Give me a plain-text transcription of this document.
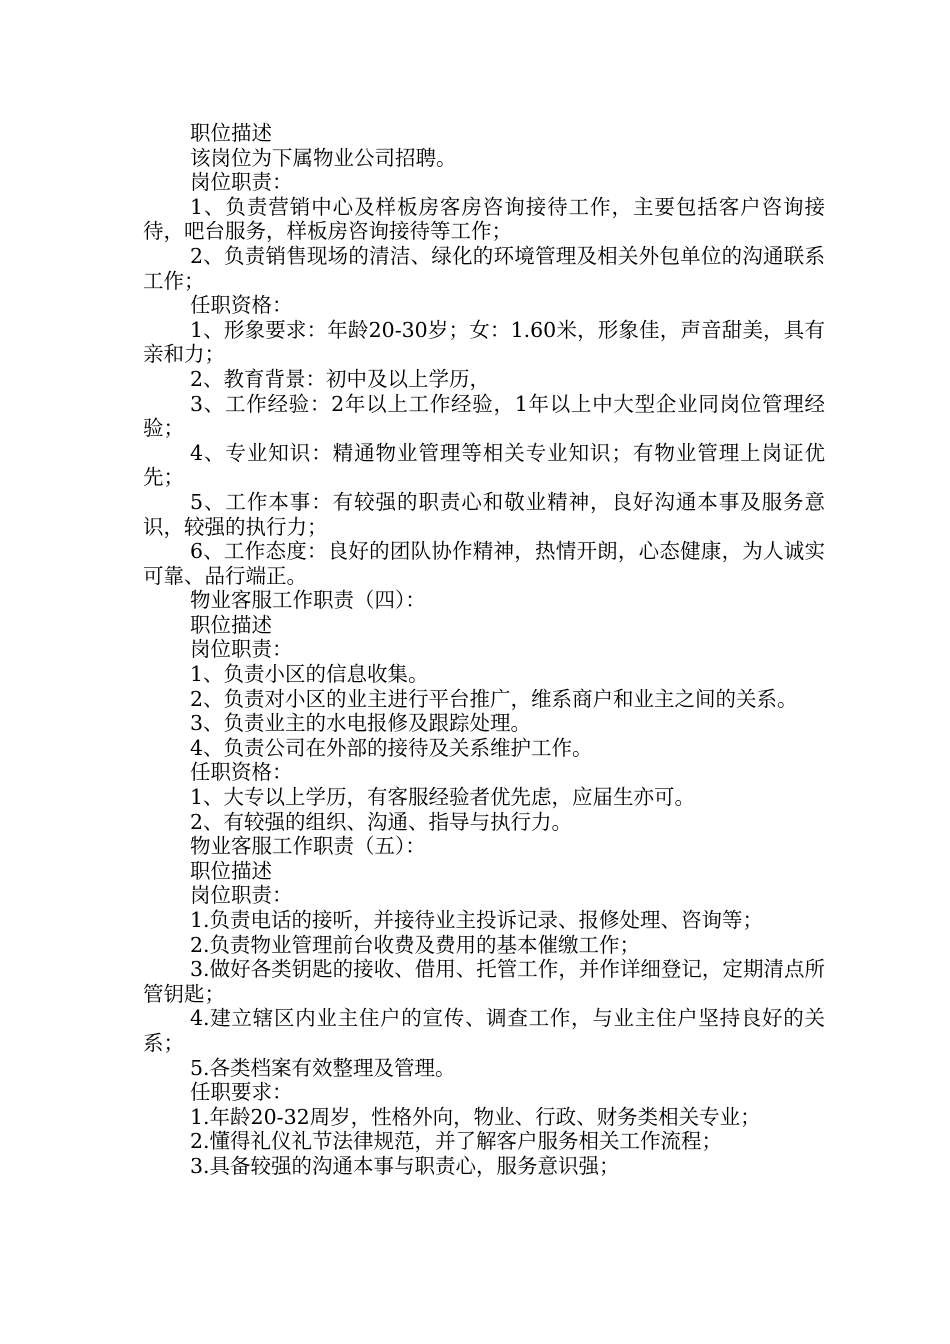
职位描述

该岗位为下属物业公司招聘。

岗位职责：

1、负责营销中心及样板房客房咨询接待工作，主要包括客户咨询接待，吧台服务，样板房咨询接待等工作；

2、负责销售现场的清洁、绿化的环境管理及相关外包单位的沟通联系工作；

任职资格：

1、形象要求：年龄20-30岁；女：1.60米，形象佳，声音甜美，具有亲和力；

2、教育背景：初中及以上学历，

3、工作经验：2年以上工作经验，1年以上中大型企业同岗位管理经验；

4、专业知识：精通物业管理等相关专业知识；有物业管理上岗证优先；

5、工作本事：有较强的职责心和敬业精神，良好沟通本事及服务意识，较强的执行力；

6、工作态度：良好的团队协作精神，热情开朗，心态健康，为人诚实可靠、品行端正。

物业客服工作职责（四）：

职位描述

岗位职责：

1、负责小区的信息收集。

2、负责对小区的业主进行平台推广，维系商户和业主之间的关系。

3、负责业主的水电报修及跟踪处理。

4、负责公司在外部的接待及关系维护工作。

任职资格：

1、大专以上学历，有客服经验者优先虑，应届生亦可。

2、有较强的组织、沟通、指导与执行力。

物业客服工作职责（五）：

职位描述

岗位职责：

1.负责电话的接听，并接待业主投诉记录、报修处理、咨询等；

2.负责物业管理前台收费及费用的基本催缴工作；

3.做好各类钥匙的接收、借用、托管工作，并作详细登记，定期清点所管钥匙；

4.建立辖区内业主住户的宣传、调查工作，与业主住户坚持良好的关系；

5.各类档案有效整理及管理。

任职要求：

1.年龄20-32周岁，性格外向，物业、行政、财务类相关专业；

2.懂得礼仪礼节法律规范，并了解客户服务相关工作流程；

3.具备较强的沟通本事与职责心，服务意识强；
